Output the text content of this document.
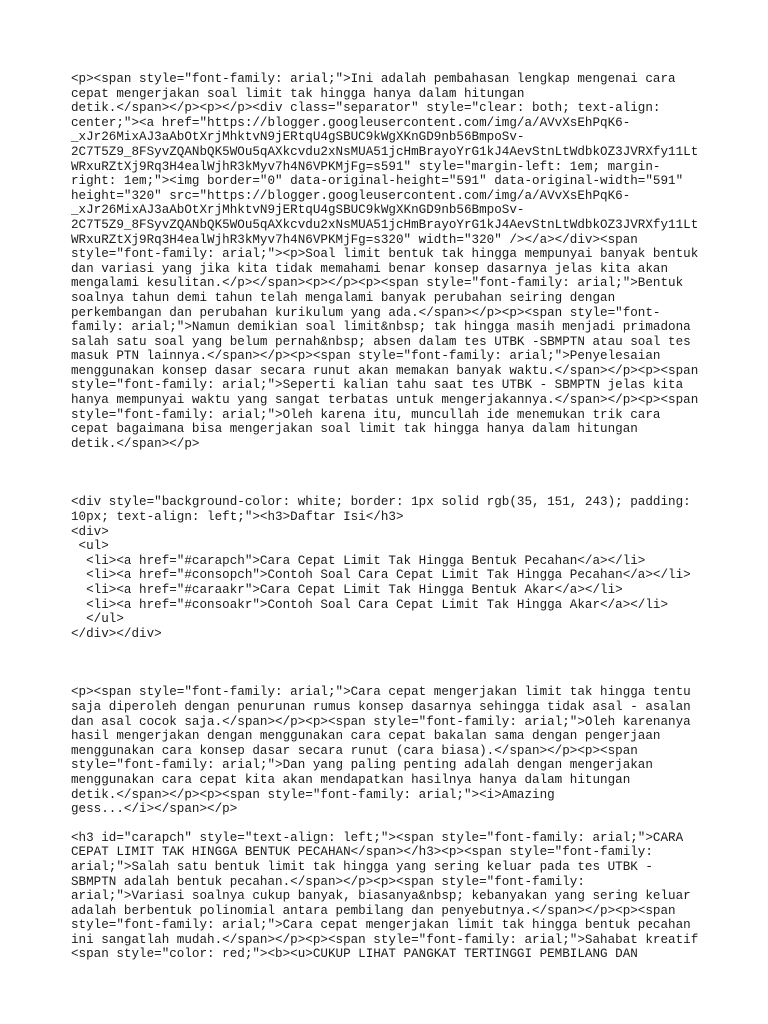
<p><span style="font-family: arial;">Ini adalah pembahasan lengkap mengenai cara
cepat mengerjakan soal limit tak hingga hanya dalam hitungan
detik.</span></p><p></p><div class="separator" style="clear: both; text-align:
center;"><a href="https://blogger.googleusercontent.com/img/a/AVvXsEhPqK6-
_xJr26MixAJ3aAbOtXrjMhktvN9jERtqU4gSBUC9kWgXKnGD9nb56BmpoSv-
2C7T5Z9_8FSyvZQANbQK5WOu5qAXkcvdu2xNsMUA51jcHmBrayoYrG1kJ4AevStnLtWdbkOZ3JVRXfy11Lt
WRxuRZtXj9Rq3H4ealWjhR3kMyv7h4N6VPKMjFg=s591" style="margin-left: 1em; margin-
right: 1em;"><img border="0" data-original-height="591" data-original-width="591"
height="320" src="https://blogger.googleusercontent.com/img/a/AVvXsEhPqK6-
_xJr26MixAJ3aAbOtXrjMhktvN9jERtqU4gSBUC9kWgXKnGD9nb56BmpoSv-
2C7T5Z9_8FSyvZQANbQK5WOu5qAXkcvdu2xNsMUA51jcHmBrayoYrG1kJ4AevStnLtWdbkOZ3JVRXfy11Lt
WRxuRZtXj9Rq3H4ealWjhR3kMyv7h4N6VPKMjFg=s320" width="320" /></a></div><span
style="font-family: arial;"><p>Soal limit bentuk tak hingga mempunyai banyak bentuk
dan variasi yang jika kita tidak memahami benar konsep dasarnya jelas kita akan
mengalami kesulitan.</p></span><p></p><p><span style="font-family: arial;">Bentuk
soalnya tahun demi tahun telah mengalami banyak perubahan seiring dengan
perkembangan dan perubahan kurikulum yang ada.</span></p><p><span style="font-
family: arial;">Namun demikian soal limit&nbsp; tak hingga masih menjadi primadona
salah satu soal yang belum pernah&nbsp; absen dalam tes UTBK -SBMPTN atau soal tes
masuk PTN lainnya.</span></p><p><span style="font-family: arial;">Penyelesaian
menggunakan konsep dasar secara runut akan memakan banyak waktu.</span></p><p><span
style="font-family: arial;">Seperti kalian tahu saat tes UTBK - SBMPTN jelas kita
hanya mempunyai waktu yang sangat terbatas untuk mengerjakannya.</span></p><p><span
style="font-family: arial;">Oleh karena itu, muncullah ide menemukan trik cara
cepat bagaimana bisa mengerjakan soal limit tak hingga hanya dalam hitungan
detik.</span></p>
<div style="background-color: white; border: 1px solid rgb(35, 151, 243); padding:
10px; text-align: left;"><h3>Daftar Isi</h3>
<div>
<ul>
<li><a href="#carapch">Cara Cepat Limit Tak Hingga Bentuk Pecahan</a></li>
<li><a href="#consopch">Contoh Soal Cara Cepat Limit Tak Hingga Pecahan</a></li>
<li><a href="#caraakr">Cara Cepat Limit Tak Hingga Bentuk Akar</a></li>
<li><a href="#consoakr">Contoh Soal Cara Cepat Limit Tak Hingga Akar</a></li>
</ul>
</div></div>
<p><span style="font-family: arial;">Cara cepat mengerjakan limit tak hingga tentu
saja diperoleh dengan penurunan rumus konsep dasarnya sehingga tidak asal - asalan
dan asal cocok saja.</span></p><p><span style="font-family: arial;">Oleh karenanya
hasil mengerjakan dengan menggunakan cara cepat bakalan sama dengan pengerjaan
menggunakan cara konsep dasar secara runut (cara biasa).</span></p><p><span
style="font-family: arial;">Dan yang paling penting adalah dengan mengerjakan
menggunakan cara cepat kita akan mendapatkan hasilnya hanya dalam hitungan
detik.</span></p><p><span style="font-family: arial;"><i>Amazing
gess...</i></span></p>
<h3 id="carapch" style="text-align: left;"><span style="font-family: arial;">CARA
CEPAT LIMIT TAK HINGGA BENTUK PECAHAN</span></h3><p><span style="font-family:
arial;">Salah satu bentuk limit tak hingga yang sering keluar pada tes UTBK -
SBMPTN adalah bentuk pecahan.</span></p><p><span style="font-family:
arial;">Variasi soalnya cukup banyak, biasanya&nbsp; kebanyakan yang sering keluar
adalah berbentuk polinomial antara pembilang dan penyebutnya.</span></p><p><span
style="font-family: arial;">Cara cepat mengerjakan limit tak hingga bentuk pecahan
ini sangatlah mudah.</span></p><p><span style="font-family: arial;">Sahabat kreatif
<span style="color: red;"><b><u>CUKUP LIHAT PANGKAT TERTINGGI PEMBILANG DAN
